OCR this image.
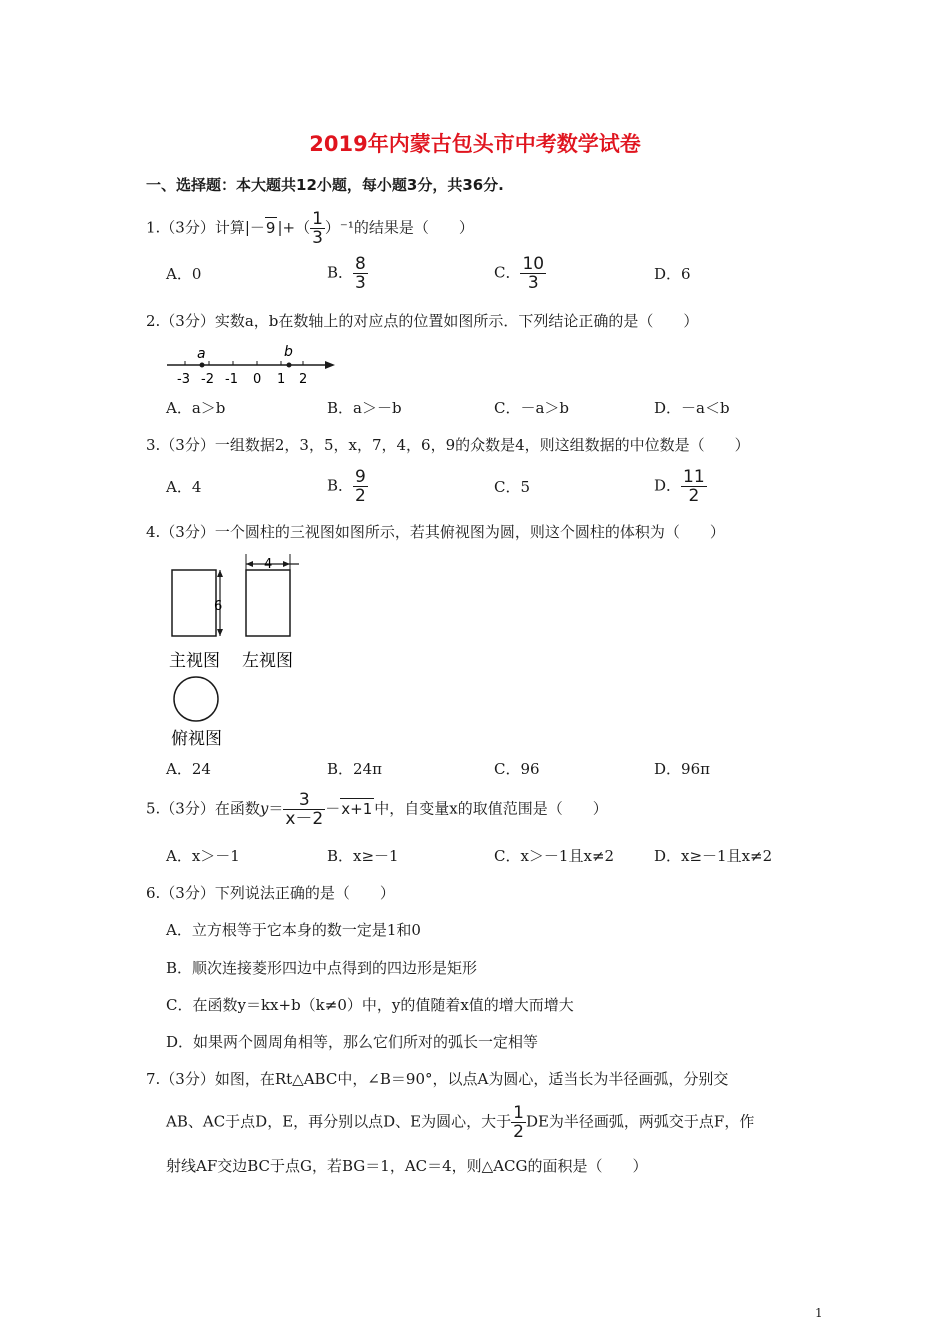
2019年内蒙古包头市中考数学试卷
一、选择题：本大题共12小题，每小题3分，共36分.
1.（3分）计算|－9 |+（ $\frac{1}{3} )^{-1}$的结果是（　　）
A．0	B． $\frac{8}{3}$	C． $\frac{10}{3}$	D．6
2.（3分）实数a，b在数轴上的对应点的位置如图所示．下列结论正确的是（　　）
a	b
-3 -2 -1 0 1 2
A．a＞b	B．a＞－b	C．－a＞b	D．－a＜b
3.（3分）一组数据2，3，5，x，7，4，6，9的众数是4，则这组数据的中位数是（　　）
A．4	B． $\frac{9}{2}$	C．5	D． $\frac{11}{2}$
4.（3分）一个圆柱的三视图如图所示，若其俯视图为圆，则这个圆柱的体积为（　　）
6
4
主视图 左视图
俯视图
A．24	B．24π	C．96	D．96π
5.（3分）在函数$y= \frac{3}{x-2} -x+1$ 中，自变量x的取值范围是（　　）
A．x＞－1	B．x≥－1	C．x＞－1且x≠2	D．x≥－1且x≠2
6.（3分）下列说法正确的是（　　）
A．立方根等于它本身的数一定是1和0
B．顺次连接菱形四边中点得到的四边形是矩形
C．在函数y＝kx+b（k≠0）中，y的值随着x值的增大而增大
D．如果两个圆周角相等，那么它们所对的弧长一定相等
7.（3分）如图，在Rt△ABC中，∠B＝90°，以点A为圆心，适当长为半径画弧，分别交
AB、AC于点D，E，再分别以点D、E为圆心，大于 $\frac{1}{2}$ DE为半径画弧，两弧交于点F，作
射线AF交边BC于点G，若BG＝1，AC＝4，则△ACG的面积是（　　）
1
